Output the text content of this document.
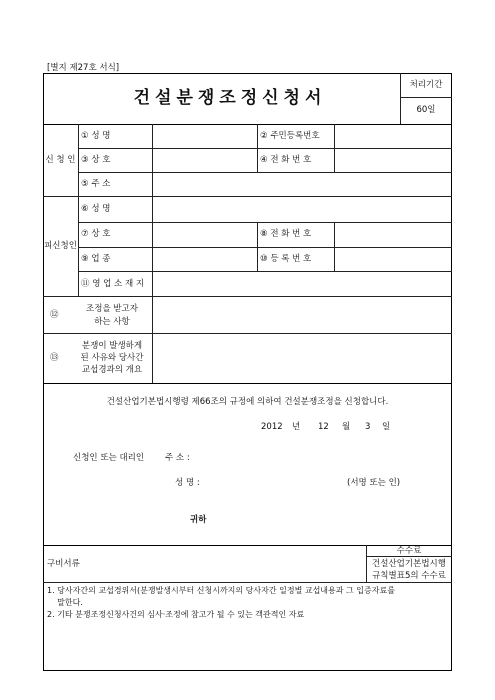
[별지 제27호 서식]
건설분쟁조정신청서
처리기간
60일
신 청 인
① 성 명	② 주민등록번호
③ 상 호	④ 전 화 번 호
⑤ 주 소
피신청인
⑥ 성 명
⑦ 상 호	⑧ 전 화 번 호
⑨ 업 종	⑩ 등 록 번 호
⑪ 영 업 소 재 지
⑫
조정을 받고자
하는 사항
⑬
분쟁이 발생하게
된 사유와 당사간
교섭경과의 개요
건설산업기본법시행령 제66조의 규정에 의하여 건설분쟁조정을 신청합니다.
2012 년 12 월 3 일
신청인 또는 대리인 주 소 :
성 명 :	(서명 또는 인)
귀하
구비서류
수수료
건설산업기본법시행
규칙별표5의 수수료
1. 당사자간의 교섭경위서(분쟁발생시부터 신청시까지의 당사자간 일정별 교섭내용과 그 입증자료를
말한다.
2. 기타 분쟁조정신청사건의 심사·조정에 참고가 될 수 있는 객관적인 자료
